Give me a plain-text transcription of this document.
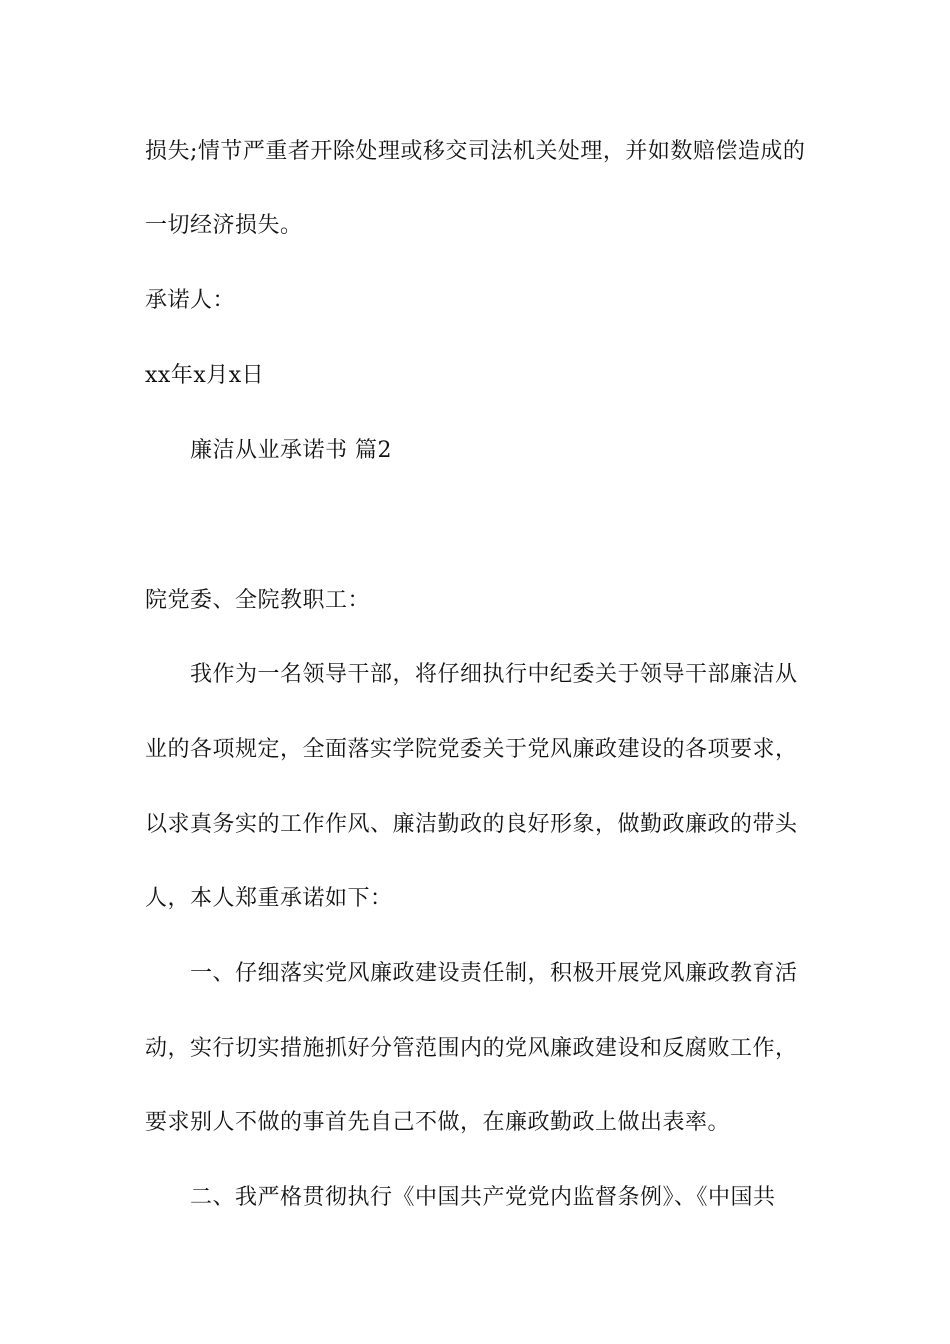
损失;情节严重者开除处理或移交司法机关处理，并如数赔偿造成的
一切经济损失。
承诺人：
xx年x月x日
廉洁从业承诺书 篇2
院党委、全院教职工：
我作为一名领导干部，将仔细执行中纪委关于领导干部廉洁从
业的各项规定，全面落实学院党委关于党风廉政建设的各项要求，
以求真务实的工作作风、廉洁勤政的良好形象，做勤政廉政的带头
人，本人郑重承诺如下：
一、仔细落实党风廉政建设责任制，积极开展党风廉政教育活
动，实行切实措施抓好分管范围内的党风廉政建设和反腐败工作，
要求别人不做的事首先自己不做，在廉政勤政上做出表率。
二、我严格贯彻执行《中国共产党党内监督条例》、《中国共
